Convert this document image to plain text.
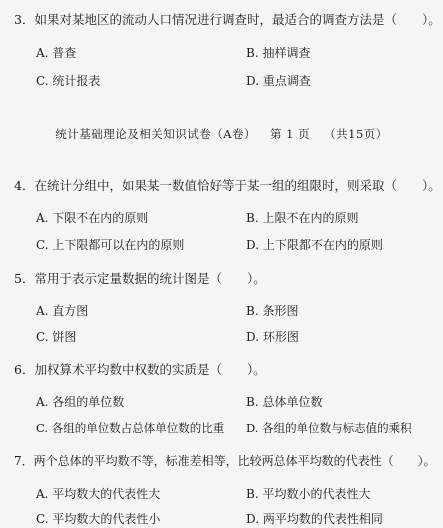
3．如果对某地区的流动人口情况进行调查时，最适合的调查方法是（　　）。
A. 普查	B. 抽样调查
C. 统计报表	D. 重点调查
统计基础理论及相关知识试卷（A卷） 第 1 页 （共15页）
4．在统计分组中，如果某一数值恰好等于某一组的组限时，则采取（　　）。
A. 下限不在内的原则	B. 上限不在内的原则
C. 上下限都可以在内的原则	D. 上下限都不在内的原则
5．常用于表示定量数据的统计图是（　　）。
A. 直方图	B. 条形图
C. 饼图	D. 环形图
6．加权算术平均数中权数的实质是（　　）。
A. 各组的单位数	B. 总体单位数
C. 各组的单位数占总体单位数的比重 D. 各组的单位数与标志值的乘积
7．两个总体的平均数不等，标准差相等，比较两总体平均数的代表性（　　）。
A. 平均数大的代表性大	B. 平均数小的代表性大
C. 平均数大的代表性小	D. 两平均数的代表性相同
